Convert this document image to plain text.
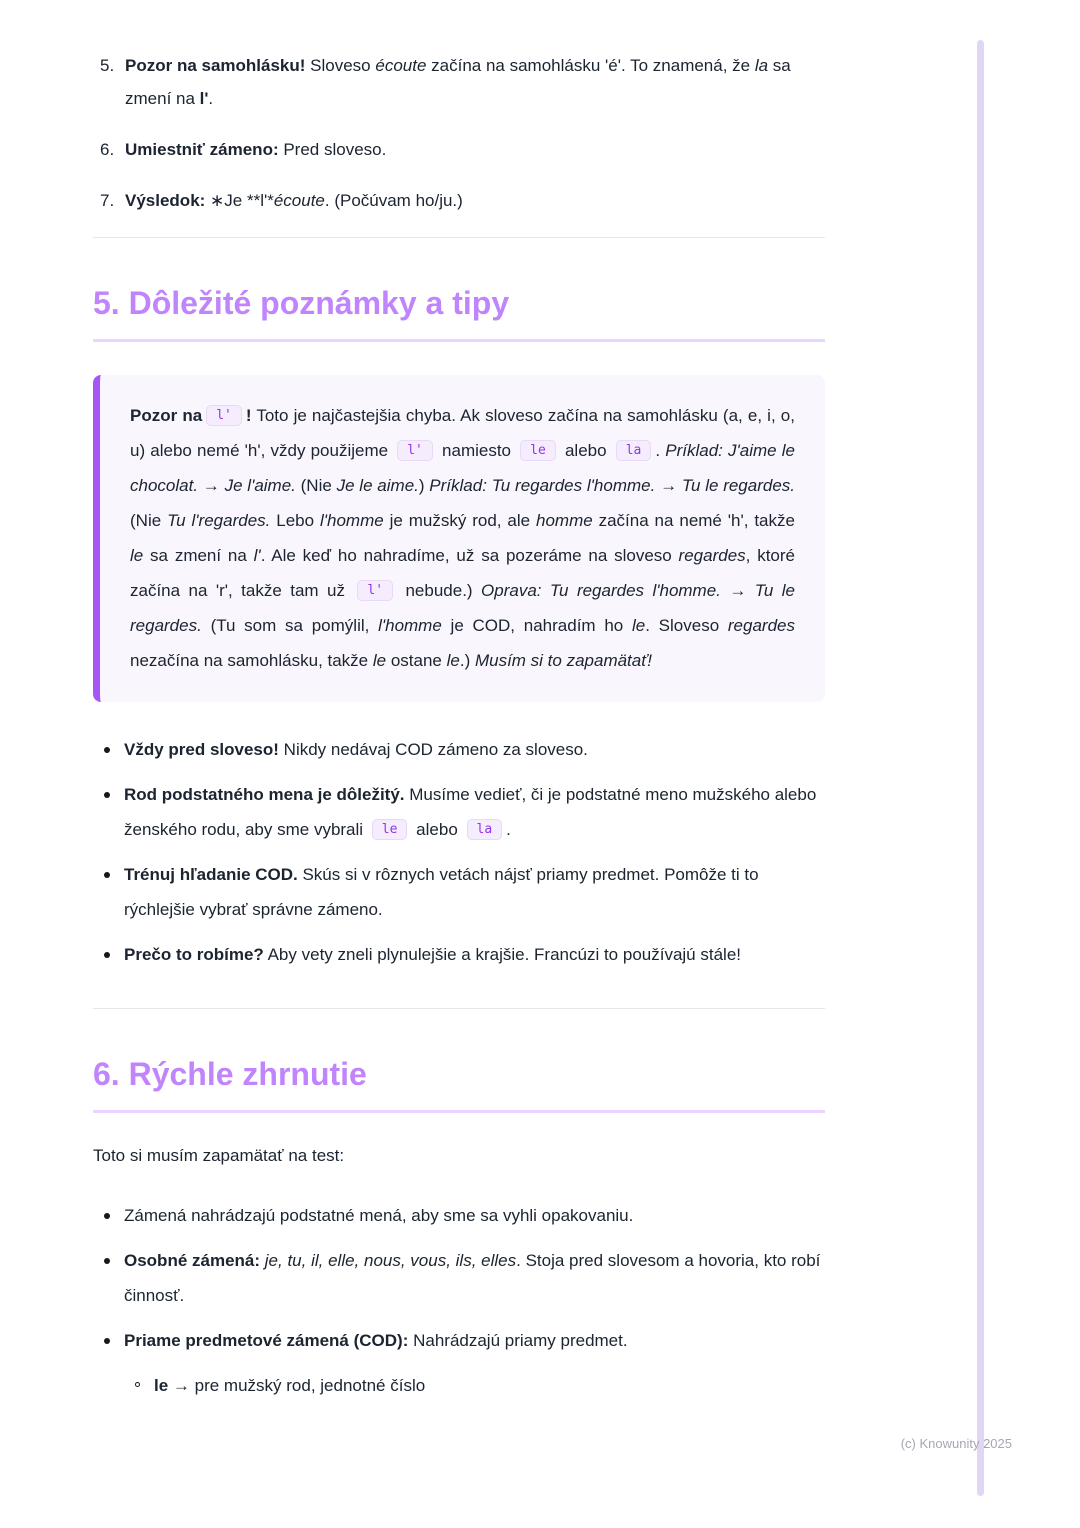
5. Pozor na samohlásku! Sloveso écoute začína na samohlásku 'é'. To znamená, že la sa zmení na l'.
6. Umiestniť zámeno: Pred sloveso.
7. Výsledok: ∗Je **l'*écoute. (Počúvam ho/ju.)
5. Dôležité poznámky a tipy
Pozor na l' ! Toto je najčastejšia chyba. Ak sloveso začína na samohlásku (a, e, i, o, u) alebo nemé 'h', vždy použijeme l' namiesto le alebo la . Príklad: J'aime le chocolat. → Je l'aime. (Nie Je le aime.) Príklad: Tu regardes l'homme. → Tu le regardes. (Nie Tu l'regardes. Lebo l'homme je mužský rod, ale homme začína na nemé 'h', takže le sa zmení na l'. Ale keď ho nahradíme, už sa pozeráme na sloveso regardes, ktoré začína na 'r', takže tam už l' nebude.) Oprava: Tu regardes l'homme. → Tu le regardes. (Tu som sa pomýlil, l'homme je COD, nahradím ho le. Sloveso regardes nezačína na samohlásku, takže le ostane le.) Musím si to zapamätať!
Vždy pred sloveso! Nikdy nedávaj COD zámeno za sloveso.
Rod podstatného mena je dôležitý. Musíme vedieť, či je podstatné meno mužského alebo ženského rodu, aby sme vybrali le alebo la .
Trénuj hľadanie COD. Skús si v rôznych vetách nájsť priamy predmet. Pomôže ti to rýchlejšie vybrať správne zámeno.
Prečo to robíme? Aby vety zneli plynulejšie a krajšie. Francúzi to používajú stále!
6. Rýchle zhrnutie

Toto si musím zapamätať na test:

Zámená nahrádzajú podstatné mená, aby sme sa vyhli opakovaniu.
Osobné zámená: je, tu, il, elle, nous, vous, ils, elles. Stoja pred slovesom a hovoria, kto robí činnosť.
Priame predmetové zámená (COD): Nahrádzajú priamy predmet.
le → pre mužský rod, jednotné číslo
(c) Knowunity 2025
